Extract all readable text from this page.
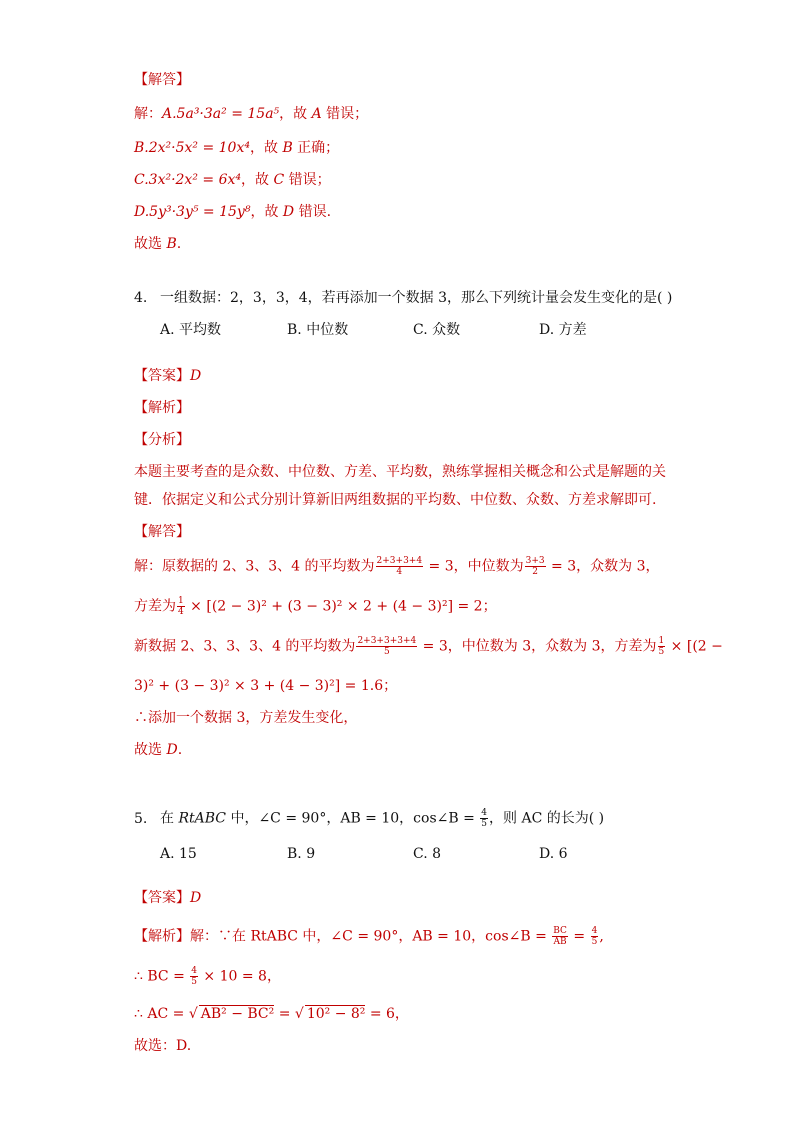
【解答】
解：A.5a³·3a² = 15a⁵，故 A 错误；
B.2x²·5x² = 10x⁴，故 B 正确；
C.3x²·2x² = 6x⁴，故 C 错误；
D.5y³·3y⁵ = 15y⁸，故 D 错误.
故选 B.
4. 一组数据：2，3，3，4，若再添加一个数据 3，那么下列统计量会发生变化的是( )
A. 平均数	B. 中位数	C. 众数	D. 方差
【答案】D
【解析】
【分析】
本题主要考查的是众数、中位数、方差、平均数，熟练掌握相关概念和公式是解题的关
键．依据定义和公式分别计算新旧两组数据的平均数、中位数、众数、方差求解即可.
【解答】
解：原数据的 2、3、3、4 的平均数为 $\frac{2+3+3+4}{4} = 3$，中位数为 $\frac{3+3}{2} = 3$，众数为 3，
方差为 $\frac{1}{4} \times [(2 - 3)^2 + (3 - 3)^2 \times 2 + (4 - 3)^2] = 2$；
新数据 2、3、3、3、4 的平均数为 $\frac{2+3+3+3+4}{5} = 3$，中位数为 3，众数为 3，方差为 $\frac{1}{5} \times [(2$ −
3)² + (3 − 3)² × 3 + (4 − 3)²] = 1.6；
∴添加一个数据 3，方差发生变化，
故选 D.
5. 在 RtABC 中，∠C = 90°，AB = 10，cos∠B = $\frac{4}{5}$ ，则 AC 的长为( )
A. 15	B. 9	C. 8	D. 6
【答案】D
【解析】解：∵在 RtABC 中，∠C = 90°，AB = 10，cos∠B = $\frac{BC}{AB} = \frac{4}{5}$ ,
∴ BC = $\frac{4}{5} \times 10 = 8$，
∴ AC = √ AB² − BC² = √ 10² − 8² = 6，
故选：D.
